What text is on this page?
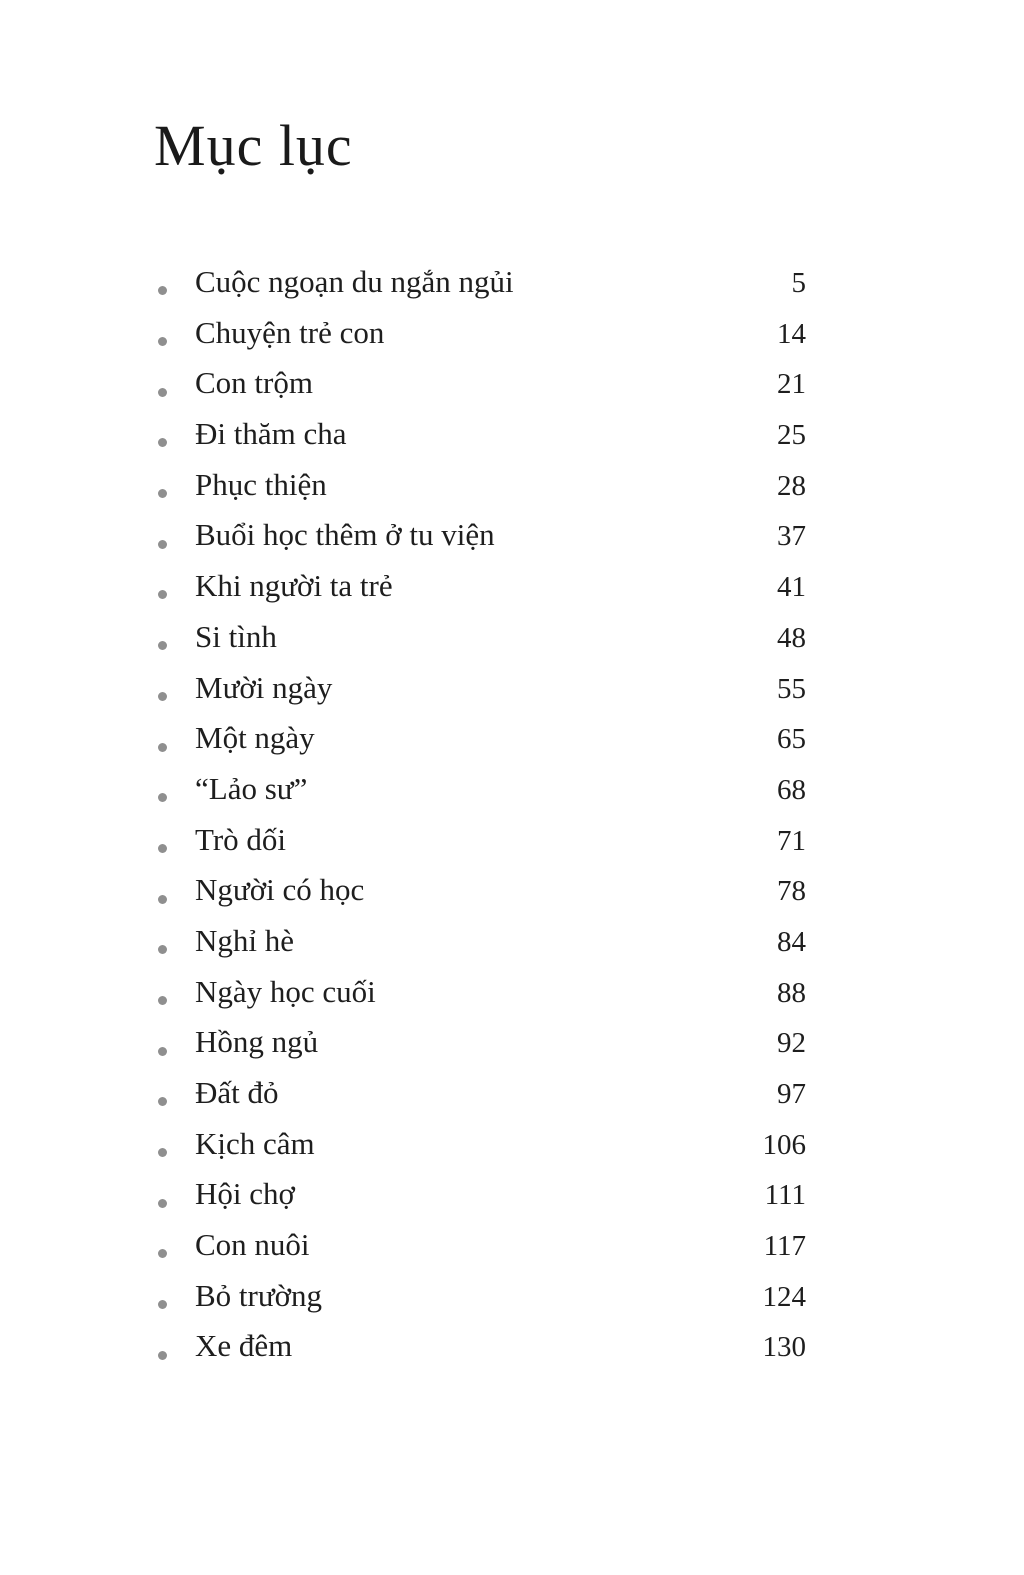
Mục lục
Cuộc ngoạn du ngắn ngủi	5
Chuyện trẻ con	14
Con trộm	21
Đi thăm cha	25
Phục thiện	28
Buổi học thêm ở tu viện	37
Khi người ta trẻ	41
Si tình	48
Mười ngày	55
Một ngày	65
“Lảo sư”	68
Trò dối	71
Người có học	78
Nghỉ hè	84
Ngày học cuối	88
Hồng ngủ	92
Đất đỏ	97
Kịch câm	106
Hội chợ	111
Con nuôi	117
Bỏ trường	124
Xe đêm	130
